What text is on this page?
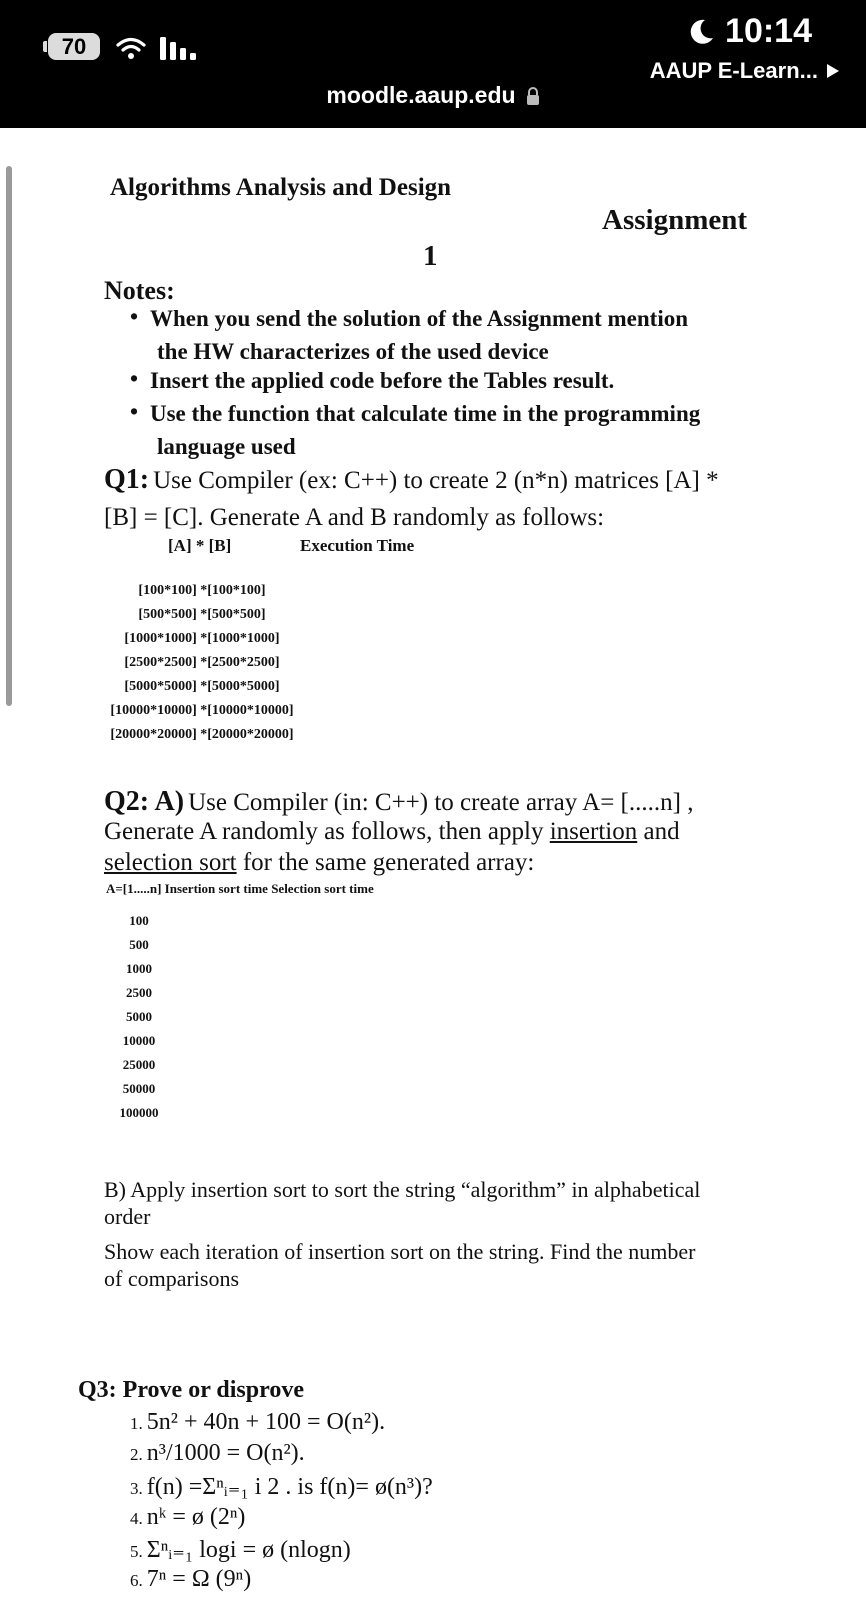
70	10:14
AAUP E-Learn...
moodle.aaup.edu
Algorithms Analysis and Design
Assignment
1
Notes:
• When you send the solution of the Assignment mention
the HW characterizes of the used device
• Insert the applied code before the Tables result.
• Use the function that calculate time in the programming
language used
Q1: Use Compiler (ex: C++) to create 2 (n*n) matrices [A] *
[B] = [C]. Generate A and B randomly as follows:
[A] * [B]	Execution Time
[100*100] *[100*100]
[500*500] *[500*500]
[1000*1000] *[1000*1000]
[2500*2500] *[2500*2500]
[5000*5000] *[5000*5000]
[10000*10000] *[10000*10000]
[20000*20000] *[20000*20000]
Q2: A) Use Compiler (in: C++) to create array A= [.....n] ,
Generate A randomly as follows, then apply insertion and
selection sort for the same generated array:
A=[1.....n] Insertion sort time Selection sort time
100
500
1000
2500
5000
10000
25000
50000
100000
B) Apply insertion sort to sort the string “algorithm” in alphabetical
order
Show each iteration of insertion sort on the string. Find the number
of comparisons
Q3: Prove or disprove
1. 5n² + 40n + 100 = O(n²).
2. n³/1000 = O(n²).
3. f(n) =Σⁿᵢ₌₁ i 2 . is f(n)= ø(n³)?
4. nᵏ = ø (2ⁿ)
5. Σⁿᵢ₌₁ logi = ø (nlogn)
6. 7ⁿ = Ω (9ⁿ)
